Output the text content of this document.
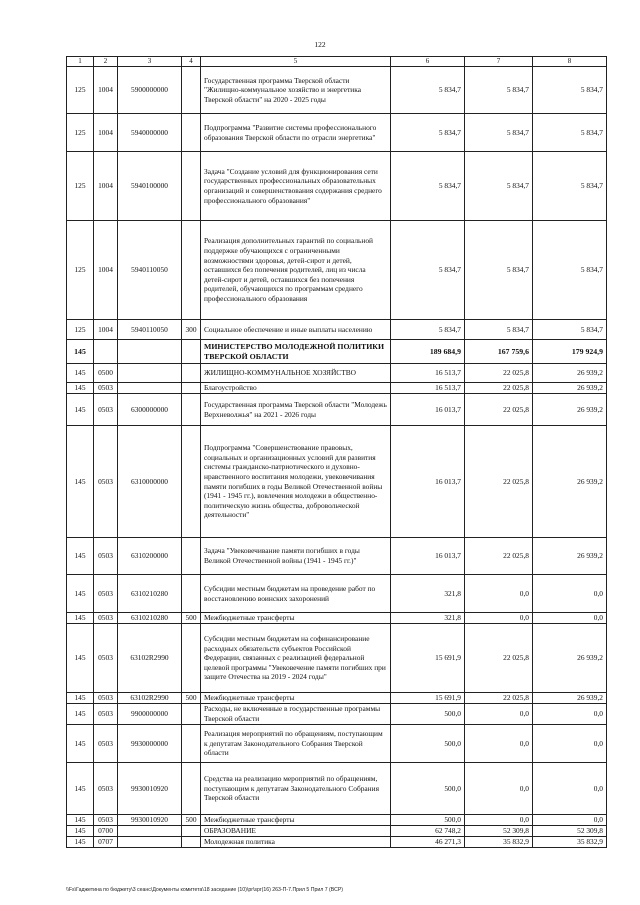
122
1	2	3	4	5	6	7	8
125	1004	5900000000		Государственная программа Тверской области "Жилищно-коммунальное хозяйство и энергетика Тверской области" на 2020 - 2025 годы	5 834,7	5 834,7	5 834,7
125	1004	5940000000		Подпрограмма "Развитие системы профессионального образования Тверской области по отрасли энергетика"	5 834,7	5 834,7	5 834,7
125	1004	5940100000		Задача "Создание условий для функционирования сети государственных профессиональных образовательных организаций и совершенствования содержания среднего профессионального образования"	5 834,7	5 834,7	5 834,7
125	1004	5940110050		Реализация дополнительных гарантий по социальной поддержке обучающихся с ограниченными возможностями здоровья, детей-сирот и детей, оставшихся без попечения родителей, лиц из числа детей-сирот и детей, оставшихся без попечения родителей, обучающихся по программам среднего профессионального образования	5 834,7	5 834,7	5 834,7
125	1004	5940110050	300	Социальное обеспечение и иные выплаты населению	5 834,7	5 834,7	5 834,7
145				МИНИСТЕРСТВО МОЛОДЕЖНОЙ ПОЛИТИКИ ТВЕРСКОЙ ОБЛАСТИ	189 684,9	167 759,6	179 924,9
145	0500			ЖИЛИЩНО-КОММУНАЛЬНОЕ ХОЗЯЙСТВО	16 513,7	22 025,8	26 939,2
145	0503			Благоустройство	16 513,7	22 025,8	26 939,2
145	0503	6300000000		Государственная программа Тверской области "Молодежь Верхневолжья" на 2021 - 2026 годы	16 013,7	22 025,8	26 939,2
145	0503	6310000000		Подпрограмма "Совершенствование правовых, социальных и организационных условий для развития системы гражданско-патриотического и духовно-нравственного воспитания молодежи, увековечивания памяти погибших в годы Великой Отечественной войны (1941 - 1945 гг.), вовлечения молодежи в общественно-политическую жизнь общества, добровольческой деятельности"	16 013,7	22 025,8	26 939,2
145	0503	6310200000		Задача "Увековечивание памяти погибших в годы Великой Отечественной войны (1941 - 1945 гг.)"	16 013,7	22 025,8	26 939,2
145	0503	6310210280		Субсидии местным бюджетам на проведение работ по восстановлению воинских захоронений	321,8	0,0	0,0
145	0503	6310210280	500	Межбюджетные трансферты	321,8	0,0	0,0
145	0503	63102R2990		Субсидии местным бюджетам на софинансирование расходных обязательств субъектов Российской Федерации, связанных с реализацией федеральной целевой программы "Увековечение памяти погибших при защите Отечества на 2019 - 2024 годы"	15 691,9	22 025,8	26 939,2
145	0503	63102R2990	500	Межбюджетные трансферты	15 691,9	22 025,8	26 939,2
145	0503	9900000000		Расходы, не включенные в государственные программы Тверской области	500,0	0,0	0,0
145	0503	9930000000		Реализация мероприятий по обращениям, поступающим к депутатам Законодательного Собрания Тверской области	500,0	0,0	0,0
145	0503	9930010920		Средства на реализацию мероприятий по обращениям, поступающим к депутатам Законодательного Собрания Тверской области	500,0	0,0	0,0
145	0503	9930010920	500	Межбюджетные трансферты	500,0	0,0	0,0
145	0700			ОБРАЗОВАНИЕ	62 748,2	52 309,8	52 309,8
145	0707			Молодежная политика	46 271,3	35 832,9	35 832,9
\\Fs\Гаджетина по бюджету\3 сеанс\Документы комитета\18 заседание (10)\pr\spr(16) 263-П-7.Прил 5 Прил 7 (ВСР)
